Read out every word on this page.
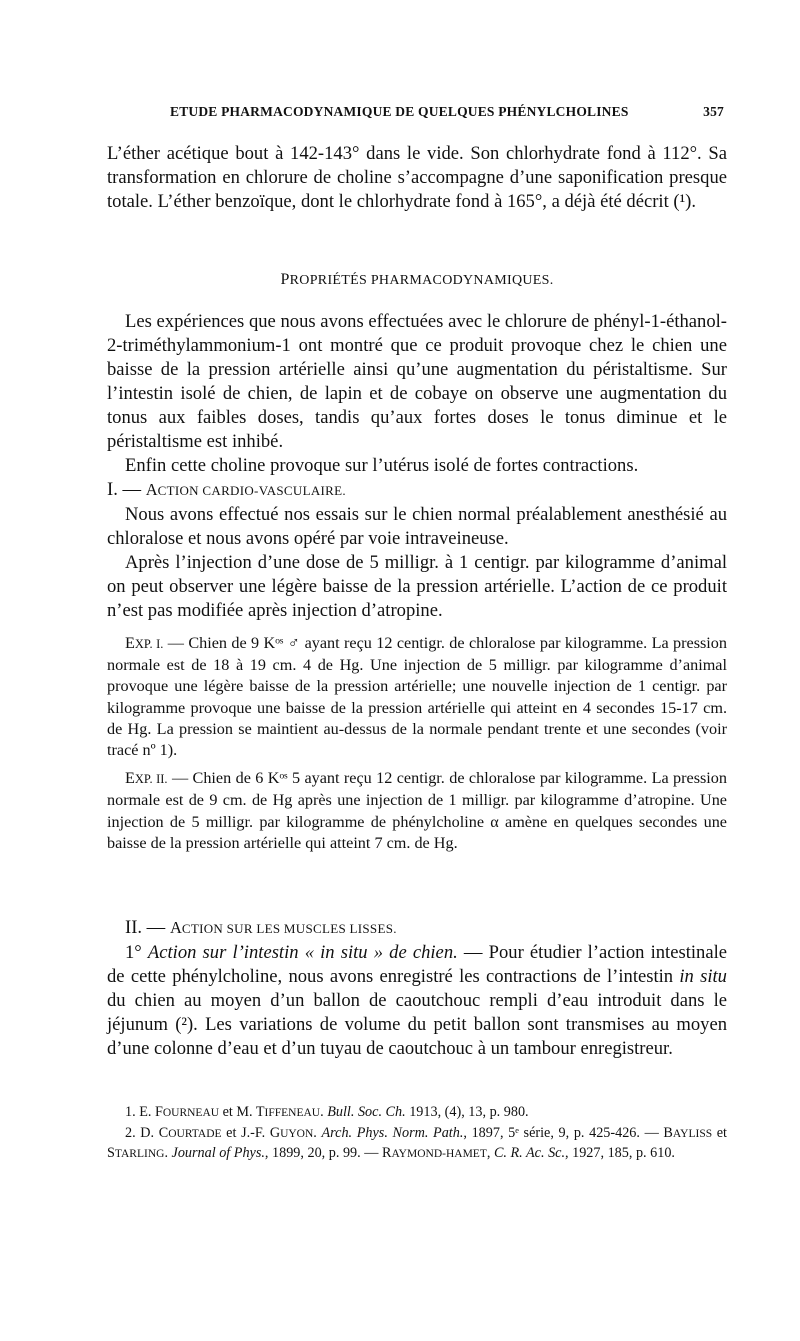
ETUDE PHARMACODYNAMIQUE DE QUELQUES PHÉNYLCHOLINES	357

L’éther acétique bout à 142-143° dans le vide. Son chlorhydrate fond à 112°. Sa transformation en chlorure de choline s’accompagne d’une saponification presque totale. L’éther benzoïque, dont le chlorhydrate fond à 165°, a déjà été décrit (¹).

PROPRIÉTÉS PHARMACODYNAMIQUES.

Les expériences que nous avons effectuées avec le chlorure de phényl-1-éthanol-2-triméthylammonium-1 ont montré que ce produit provoque chez le chien une baisse de la pression artérielle ainsi qu’une augmentation du péristaltisme. Sur l’intestin isolé de chien, de lapin et de cobaye on observe une augmentation du tonus aux faibles doses, tandis qu’aux fortes doses le tonus diminue et le péristaltisme est inhibé.

Enfin cette choline provoque sur l’utérus isolé de fortes contractions.

I. — ACTION CARDIO-VASCULAIRE.

Nous avons effectué nos essais sur le chien normal préalablement anesthésié au chloralose et nous avons opéré par voie intraveineuse.

Après l’injection d’une dose de 5 milligr. à 1 centigr. par kilogramme d’animal on peut observer une légère baisse de la pression artérielle. L’action de ce produit n’est pas modifiée après injection d’atropine.

EXP. I. — Chien de 9 Kᵒˢ ♂ ayant reçu 12 centigr. de chloralose par kilogramme. La pression normale est de 18 à 19 cm. 4 de Hg. Une injection de 5 milligr. par kilogramme d’animal provoque une légère baisse de la pression artérielle; une nouvelle injection de 1 centigr. par kilogramme provoque une baisse de la pression artérielle qui atteint en 4 secondes 15-17 cm. de Hg. La pression se maintient au-dessus de la normale pendant trente et une secondes (voir tracé nº 1).

EXP. II. — Chien de 6 Kᵒˢ 5 ayant reçu 12 centigr. de chloralose par kilogramme. La pression normale est de 9 cm. de Hg après une injection de 1 milligr. par kilogramme d’atropine. Une injection de 5 milligr. par kilogramme de phénylcholine α amène en quelques secondes une baisse de la pression artérielle qui atteint 7 cm. de Hg.

II. — ACTION SUR LES MUSCLES LISSES.

1° Action sur l’intestin « in situ » de chien. — Pour étudier l’action intestinale de cette phénylcholine, nous avons enregistré les contractions de l’intestin in situ du chien au moyen d’un ballon de caoutchouc rempli d’eau introduit dans le jéjunum (²). Les variations de volume du petit ballon sont transmises au moyen d’une colonne d’eau et d’un tuyau de caoutchouc à un tambour enregistreur.

1. E. FOURNEAU et M. TIFFENEAU. Bull. Soc. Ch. 1913, (4), 13, p. 980.

2. D. COURTADE et J.-F. GUYON. Arch. Phys. Norm. Path., 1897, 5ᵉ série, 9, p. 425-426. — BAYLISS et STARLING. Journal of Phys., 1899, 20, p. 99. — RAYMOND-HAMET, C. R. Ac. Sc., 1927, 185, p. 610.
